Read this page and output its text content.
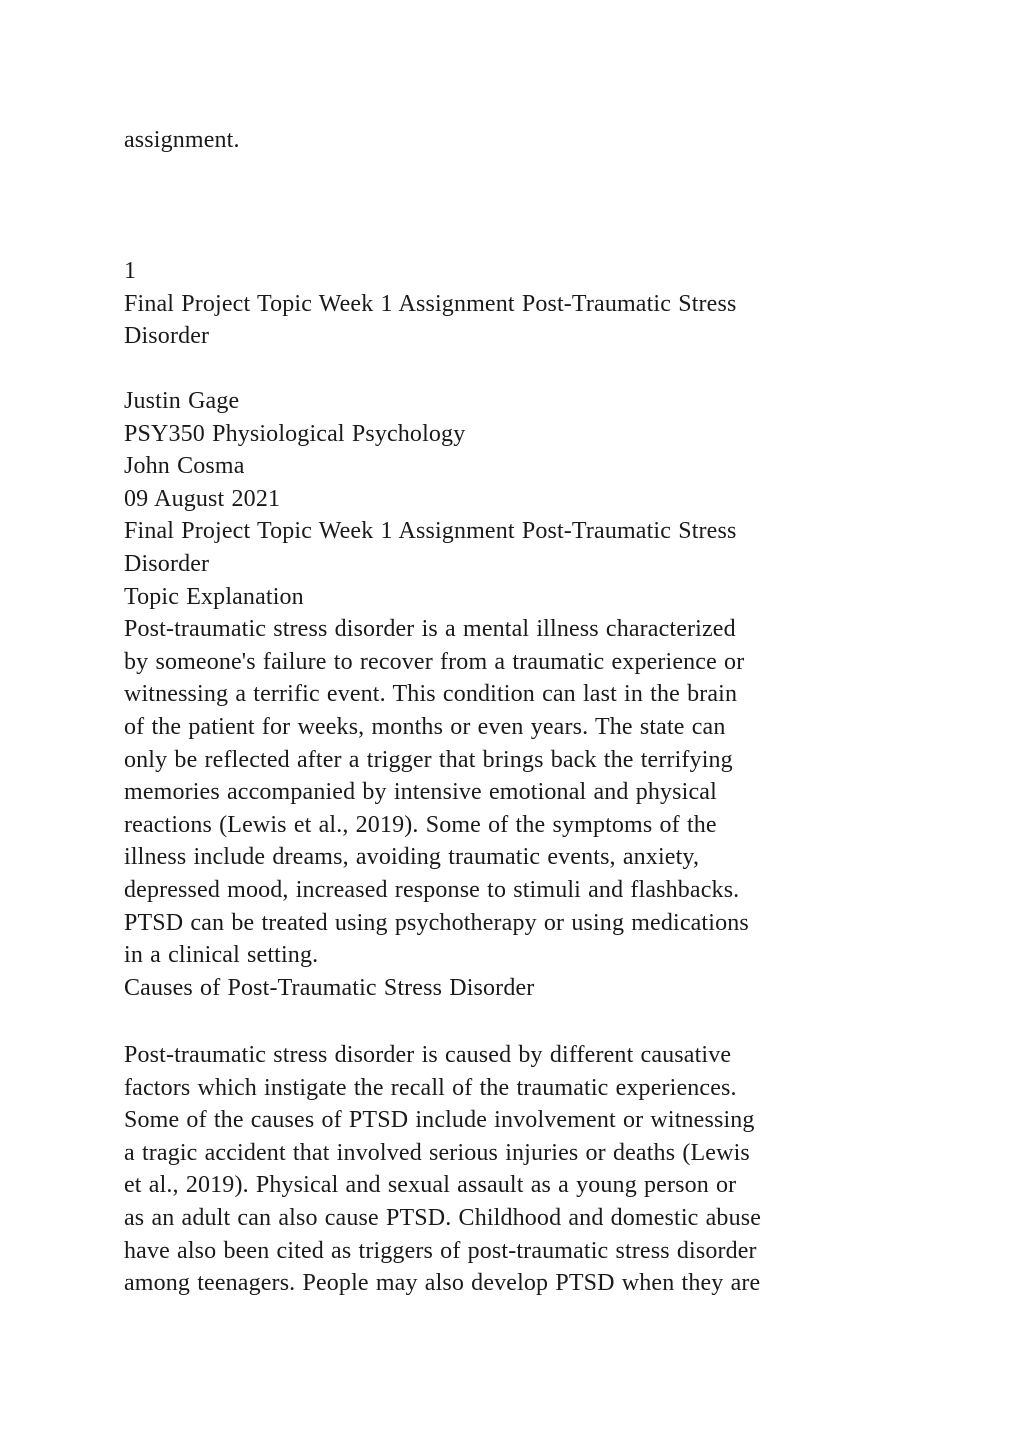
assignment.
1
Final Project Topic Week 1 Assignment Post-Traumatic Stress
Disorder
Justin Gage
PSY350 Physiological Psychology
John Cosma
09 August 2021
Final Project Topic Week 1 Assignment Post-Traumatic Stress
Disorder
Topic Explanation
Post-traumatic stress disorder is a mental illness characterized
by someone's failure to recover from a traumatic experience or
witnessing a terrific event. This condition can last in the brain
of the patient for weeks, months or even years. The state can
only be reflected after a trigger that brings back the terrifying
memories accompanied by intensive emotional and physical
reactions (Lewis et al., 2019). Some of the symptoms of the
illness include dreams, avoiding traumatic events, anxiety,
depressed mood, increased response to stimuli and flashbacks.
PTSD can be treated using psychotherapy or using medications
in a clinical setting.
Causes of Post-Traumatic Stress Disorder
Post-traumatic stress disorder is caused by different causative
factors which instigate the recall of the traumatic experiences.
Some of the causes of PTSD include involvement or witnessing
a tragic accident that involved serious injuries or deaths (Lewis
et al., 2019). Physical and sexual assault as a young person or
as an adult can also cause PTSD. Childhood and domestic abuse
have also been cited as triggers of post-traumatic stress disorder
among teenagers. People may also develop PTSD when they are
